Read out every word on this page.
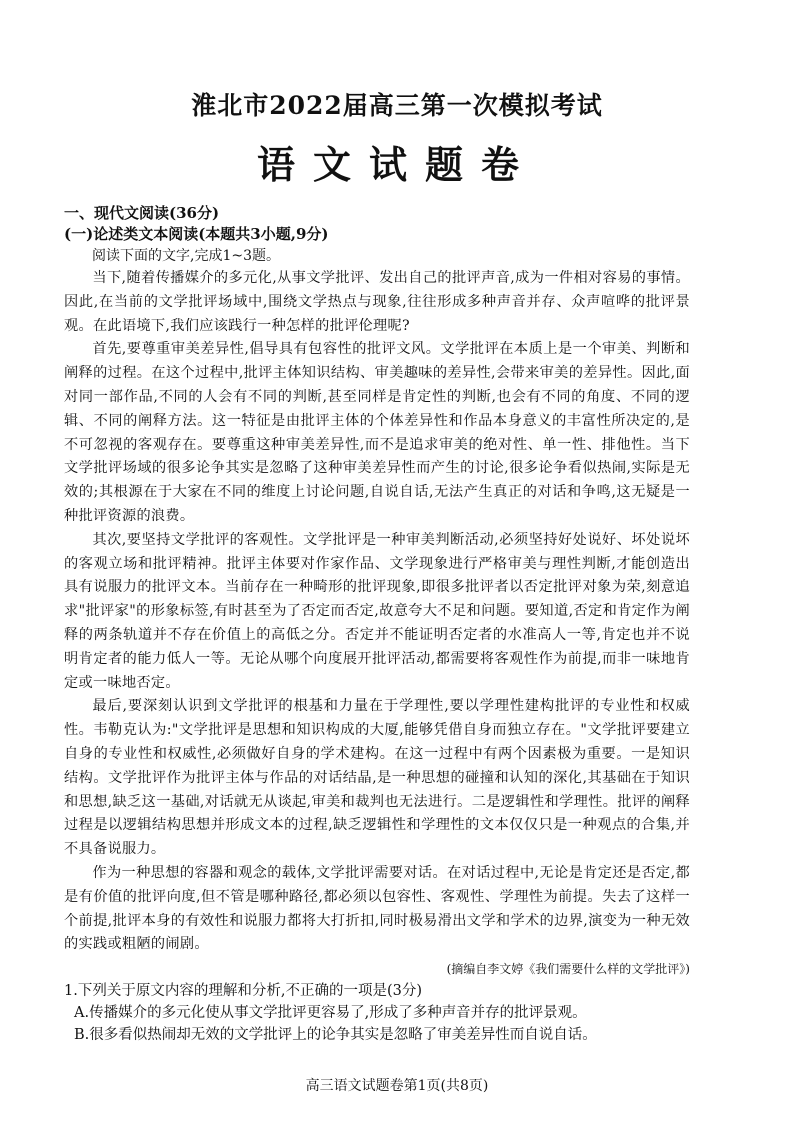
淮北市2022届高三第一次模拟考试
语文试题卷

一、现代文阅读(36分)

(一)论述类文本阅读(本题共3小题,9分)

阅读下面的文字,完成1~3题。

当下,随着传播媒介的多元化,从事文学批评、发出自己的批评声音,成为一件相对容易的事情。因此,在当前的文学批评场域中,围绕文学热点与现象,往往形成多种声音并存、众声喧哗的批评景观。在此语境下,我们应该践行一种怎样的批评伦理呢?

首先,要尊重审美差异性,倡导具有包容性的批评文风。文学批评在本质上是一个审美、判断和阐释的过程。在这个过程中,批评主体知识结构、审美趣味的差异性,会带来审美的差异性。因此,面对同一部作品,不同的人会有不同的判断,甚至同样是肯定性的判断,也会有不同的角度、不同的逻辑、不同的阐释方法。这一特征是由批评主体的个体差异性和作品本身意义的丰富性所决定的,是不可忽视的客观存在。要尊重这种审美差异性,而不是追求审美的绝对性、单一性、排他性。当下文学批评场域的很多论争其实是忽略了这种审美差异性而产生的讨论,很多论争看似热闹,实际是无效的;其根源在于大家在不同的维度上讨论问题,自说自话,无法产生真正的对话和争鸣,这无疑是一种批评资源的浪费。

其次,要坚持文学批评的客观性。文学批评是一种审美判断活动,必须坚持好处说好、坏处说坏的客观立场和批评精神。批评主体要对作家作品、文学现象进行严格审美与理性判断,才能创造出具有说服力的批评文本。当前存在一种畸形的批评现象,即很多批评者以否定批评对象为荣,刻意追求"批评家"的形象标签,有时甚至为了否定而否定,故意夸大不足和问题。要知道,否定和肯定作为阐释的两条轨道并不存在价值上的高低之分。否定并不能证明否定者的水准高人一等,肯定也并不说明肯定者的能力低人一等。无论从哪个向度展开批评活动,都需要将客观性作为前提,而非一味地肯定或一味地否定。

最后,要深刻认识到文学批评的根基和力量在于学理性,要以学理性建构批评的专业性和权威性。韦勒克认为:"文学批评是思想和知识构成的大厦,能够凭借自身而独立存在。"文学批评要建立自身的专业性和权威性,必须做好自身的学术建构。在这一过程中有两个因素极为重要。一是知识结构。文学批评作为批评主体与作品的对话结晶,是一种思想的碰撞和认知的深化,其基础在于知识和思想,缺乏这一基础,对话就无从谈起,审美和裁判也无法进行。二是逻辑性和学理性。批评的阐释过程是以逻辑结构思想并形成文本的过程,缺乏逻辑性和学理性的文本仅仅只是一种观点的合集,并不具备说服力。

作为一种思想的容器和观念的载体,文学批评需要对话。在对话过程中,无论是肯定还是否定,都是有价值的批评向度,但不管是哪种路径,都必须以包容性、客观性、学理性为前提。失去了这样一个前提,批评本身的有效性和说服力都将大打折扣,同时极易滑出文学和学术的边界,演变为一种无效的实践或粗陋的闹剧。

(摘编自李文婷《我们需要什么样的文学批评》)

1.下列关于原文内容的理解和分析,不正确的一项是(3分)

A.传播媒介的多元化使从事文学批评更容易了,形成了多种声音并存的批评景观。

B.很多看似热闹却无效的文学批评上的论争其实是忽略了审美差异性而自说自话。

高三语文试题卷第1页(共8页)
